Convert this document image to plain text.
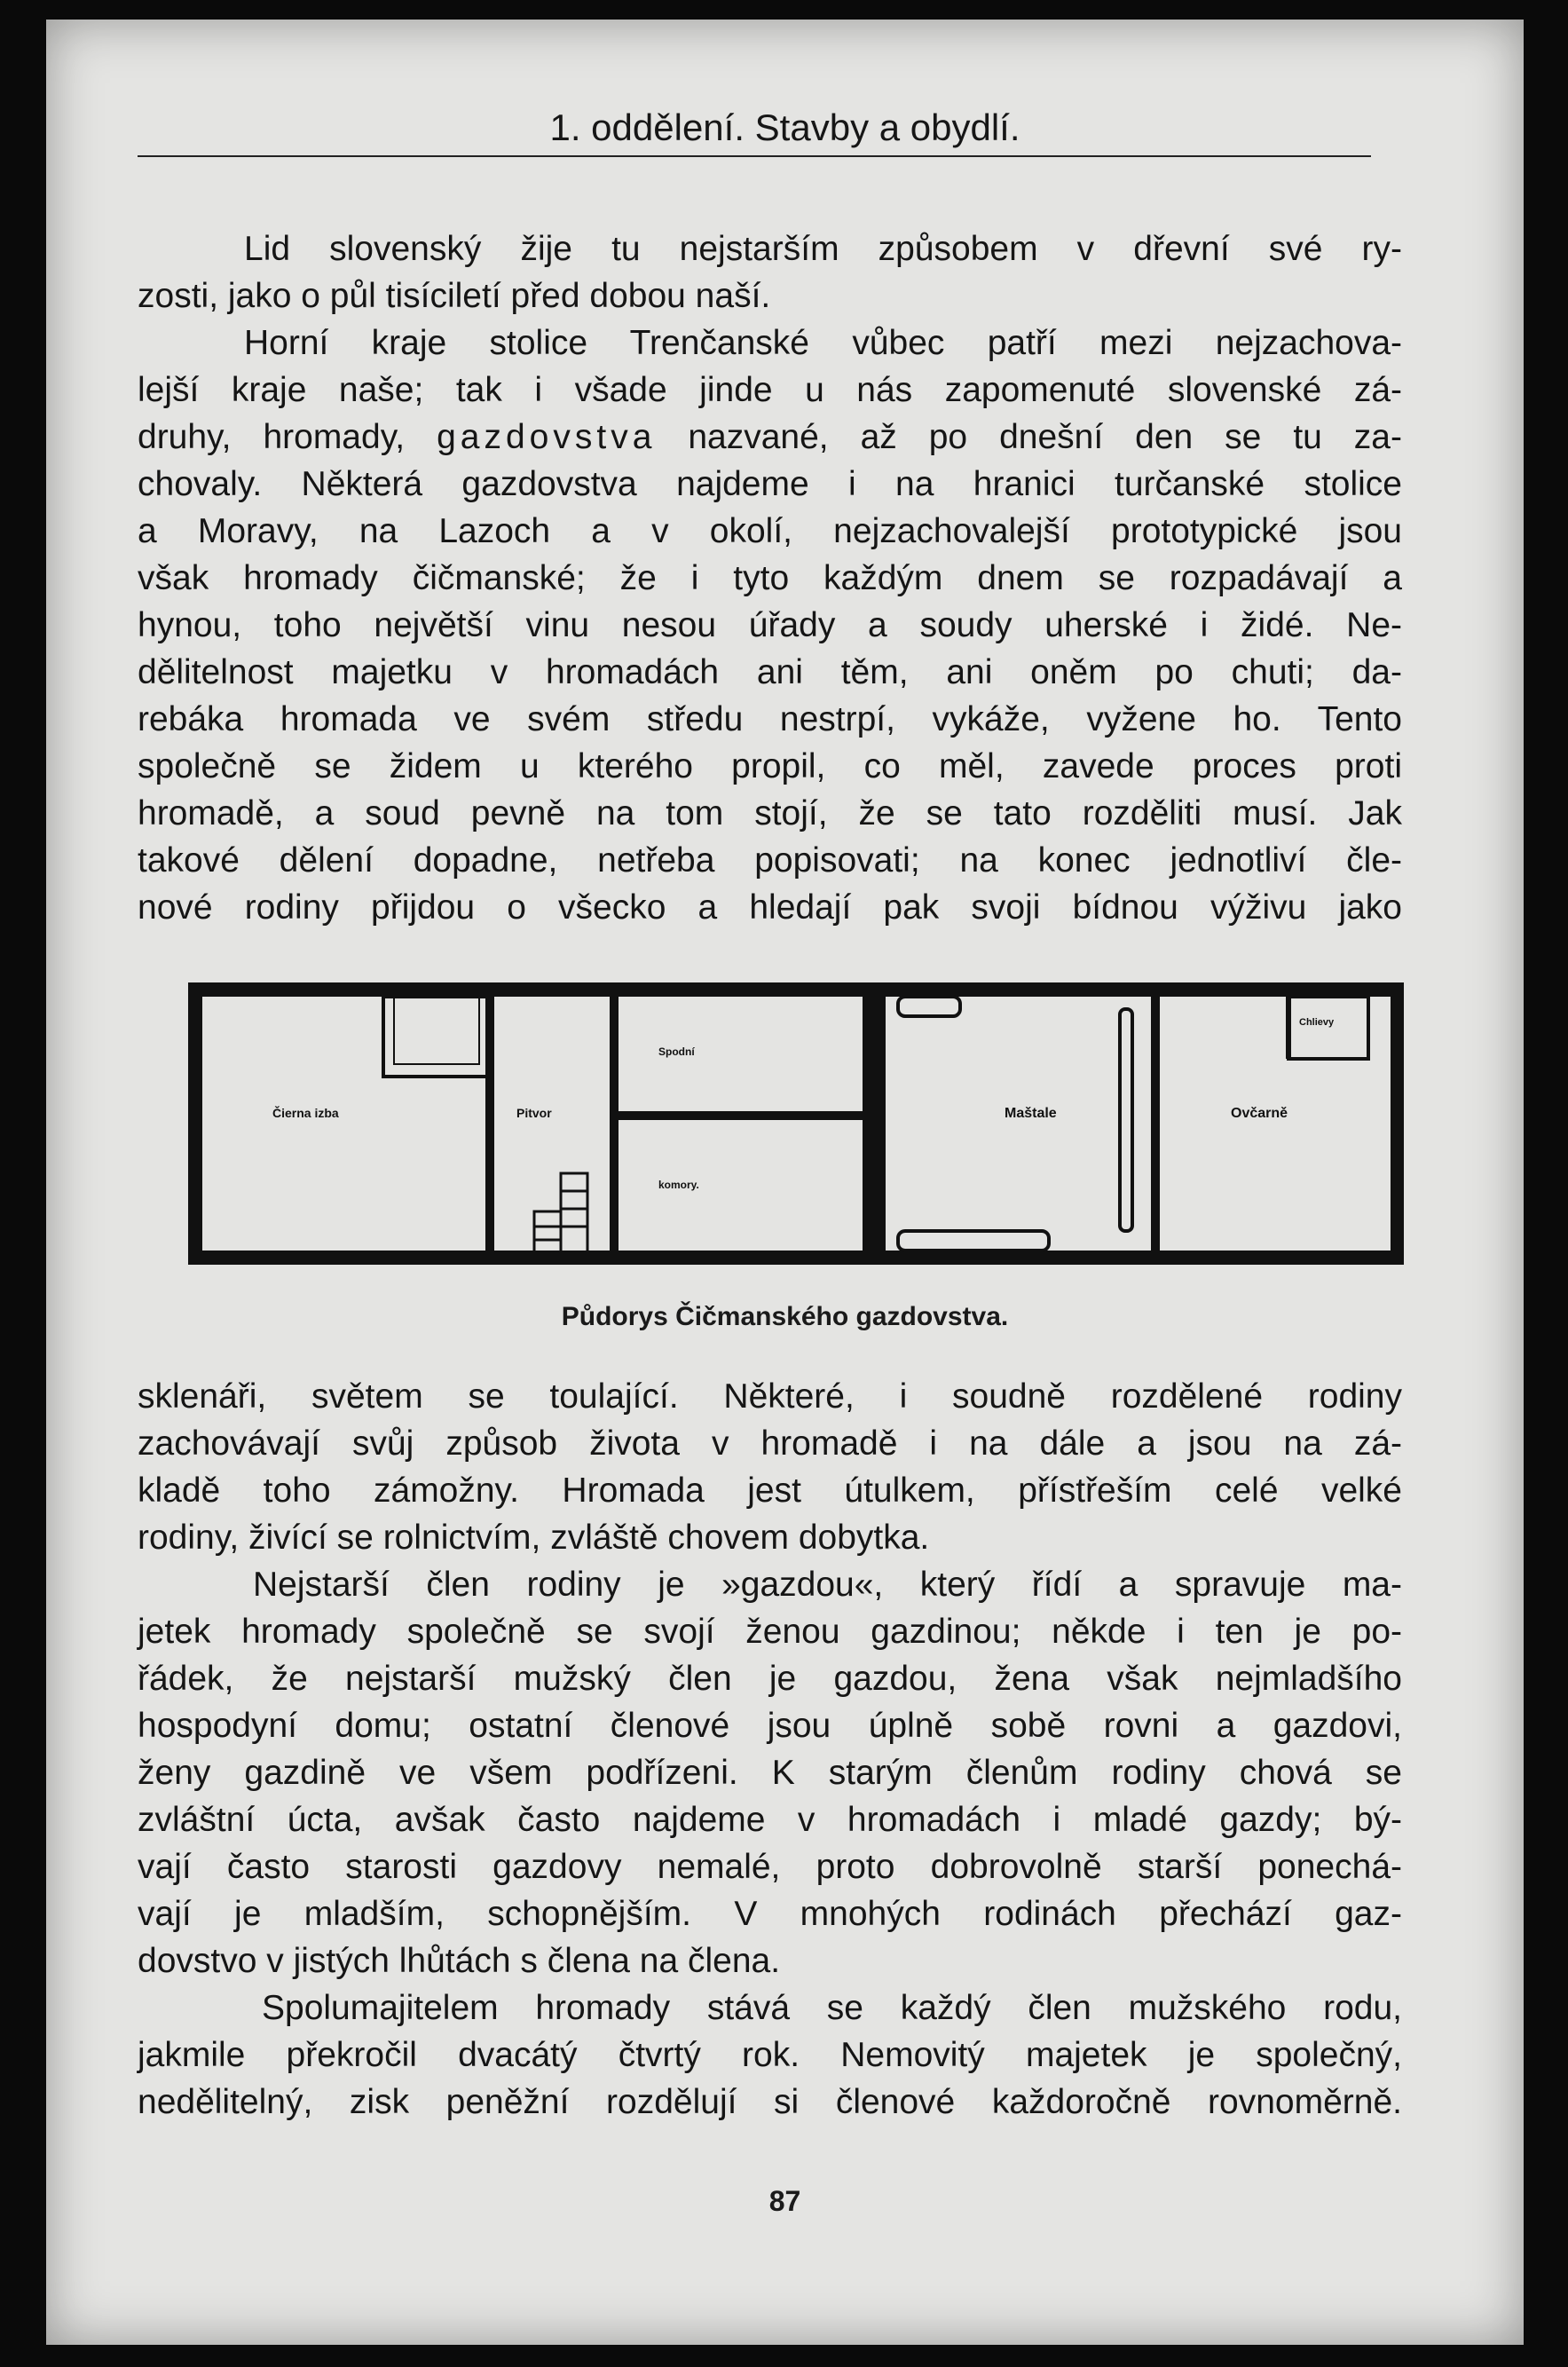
1. oddělení. Stavby a obydlí.
Lid slovenský žije tu nejstarším způsobem v dřevní své ry-
zosti, jako o půl tisíciletí před dobou naší.
Horní kraje stolice Trenčanské vůbec patří mezi nejzachova-
lejší kraje naše; tak i všade jinde u nás zapomenuté slovenské zá-
druhy, hromady, gazdovstva nazvané, až po dnešní den se tu za-
chovaly. Některá gazdovstva najdeme i na hranici turčanské stolice
a Moravy, na Lazoch a v okolí, nejzachovalejší prototypické jsou
však hromady čičmanské; že i tyto každým dnem se rozpadávají a
hynou, toho největší vinu nesou úřady a soudy uherské i židé. Ne-
dělitelnost majetku v hromadách ani těm, ani oněm po chuti; da-
rebáka hromada ve svém středu nestrpí, vykáže, vyžene ho. Tento
společně se židem u kterého propil, co měl, zavede proces proti
hromadě, a soud pevně na tom stojí, že se tato rozděliti musí. Jak
takové dělení dopadne, netřeba popisovati; na konec jednotliví čle-
nové rodiny přijdou o všecko a hledají pak svoji bídnou výživu jako
Čierna izba	Pitvor
Spodní
komory.
Maštale	Ovčarně
Chlievy
Půdorys Čičmanského gazdovstva.
sklenáři, světem se toulající. Některé, i soudně rozdělené rodiny
zachovávají svůj způsob života v hromadě i na dále a jsou na zá-
kladě toho zámožny. Hromada jest útulkem, přístřeším celé velké
rodiny, živící se rolnictvím, zvláště chovem dobytka.
Nejstarší člen rodiny je »gazdou«, který řídí a spravuje ma-
jetek hromady společně se svojí ženou gazdinou; někde i ten je po-
řádek, že nejstarší mužský člen je gazdou, žena však nejmladšího
hospodyní domu; ostatní členové jsou úplně sobě rovni a gazdovi,
ženy gazdině ve všem podřízeni. K starým členům rodiny chová se
zvláštní úcta, avšak často najdeme v hromadách i mladé gazdy; bý-
vají často starosti gazdovy nemalé, proto dobrovolně starší ponechá-
vají je mladším, schopnějším. V mnohých rodinách přechází gaz-
dovstvo v jistých lhůtách s člena na člena.
Spolumajitelem hromady stává se každý člen mužského rodu,
jakmile překročil dvacátý čtvrtý rok. Nemovitý majetek je společný,
nedělitelný, zisk peněžní rozdělují si členové každoročně rovnoměrně.
87
